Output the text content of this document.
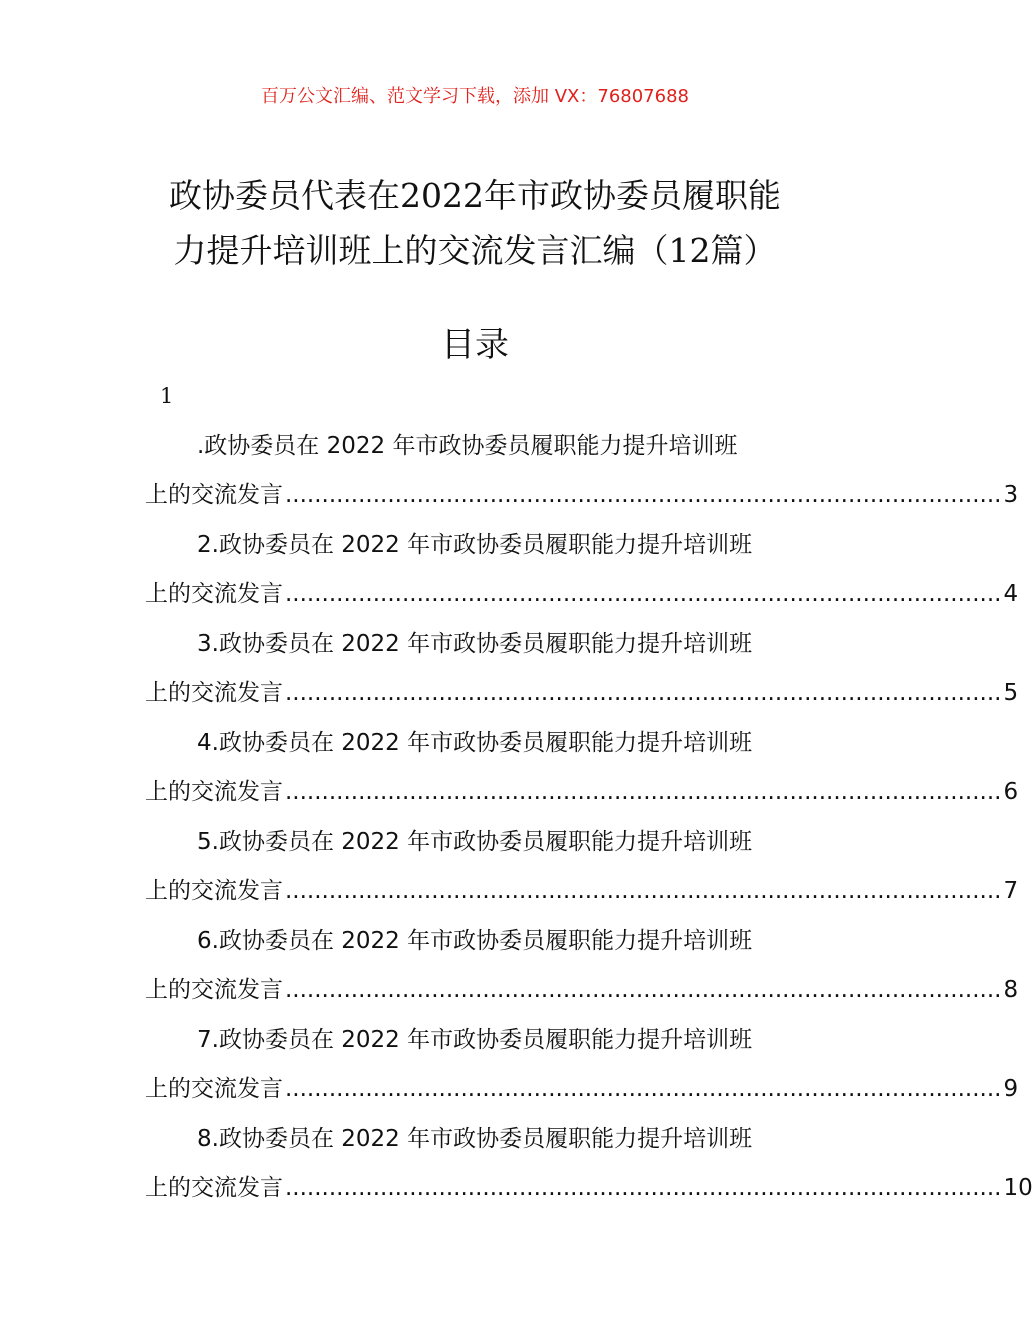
百万公文汇编、范文学习下载，添加 VX：76807688
政协委员代表在2022年市政协委员履职能
力提升培训班上的交流发言汇编（12篇）
目录
1
.政协委员在 2022 年市政协委员履职能力提升培训班
上的交流发言 .................................................................................................. 3
2.政协委员在 2022 年市政协委员履职能力提升培训班
上的交流发言 .................................................................................................. 4
3.政协委员在 2022 年市政协委员履职能力提升培训班
上的交流发言 .................................................................................................. 5
4.政协委员在 2022 年市政协委员履职能力提升培训班
上的交流发言 .................................................................................................. 6
5.政协委员在 2022 年市政协委员履职能力提升培训班
上的交流发言 .................................................................................................. 7
6.政协委员在 2022 年市政协委员履职能力提升培训班
上的交流发言 .................................................................................................. 8
7.政协委员在 2022 年市政协委员履职能力提升培训班
上的交流发言 .................................................................................................. 9
8.政协委员在 2022 年市政协委员履职能力提升培训班
上的交流发言 .................................................................................................. 10
